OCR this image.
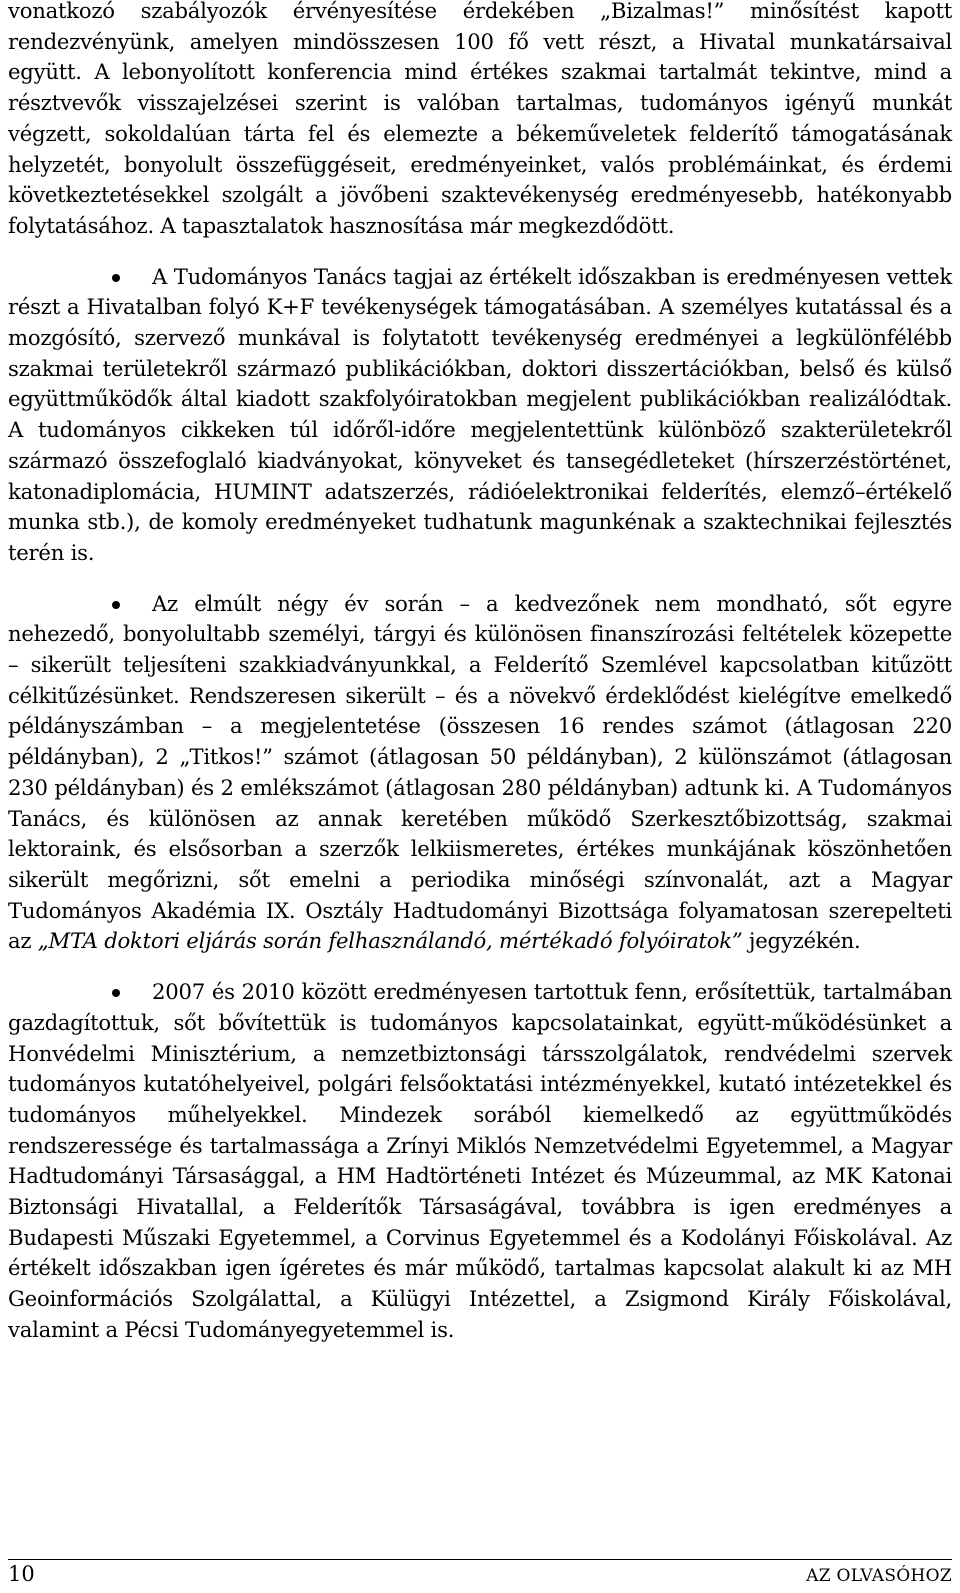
vonatkozó szabályozók érvényesítése érdekében „Bizalmas!” minősítést kapott rendezvényünk, amelyen mindösszesen 100 fő vett részt, a Hivatal munkatársaival együtt. A lebonyolított konferencia mind értékes szakmai tartalmát tekintve, mind a résztvevők visszajelzései szerint is valóban tartalmas, tudományos igényű munkát végzett, sokoldalúan tárta fel és elemezte a békeműveletek felderítő támogatásának helyzetét, bonyolult összefüggéseit, eredményeinket, valós problémáinkat, és érdemi következtetésekkel szolgált a jövőbeni szaktevékenység eredményesebb, hatékonyabb folytatásához. A tapasztalatok hasznosítása már megkezdődött.

A Tudományos Tanács tagjai az értékelt időszakban is eredményesen vettek részt a Hivatalban folyó K+F tevékenységek támogatásában. A személyes kutatással és a mozgósító, szervező munkával is folytatott tevékenység eredményei a legkülönfélébb szakmai területekről származó publikációkban, doktori disszertációkban, belső és külső együttműködők által kiadott szakfolyóiratokban megjelent publikációkban realizálódtak. A tudományos cikkeken túl időről-időre megjelentettünk különböző szakterületekről származó összefoglaló kiadványokat, könyveket és tansegédleteket (hírszerzéstörténet, katonadiplomácia, HUMINT adatszerzés, rádióelektronikai felderítés, elemző–értékelő munka stb.), de komoly eredményeket tudhatunk magunkénak a szaktechnikai fejlesztés terén is.

Az elmúlt négy év során – a kedvezőnek nem mondható, sőt egyre nehezedő, bonyolultabb személyi, tárgyi és különösen finanszírozási feltételek közepette – sikerült teljesíteni szakkiadványunkkal, a Felderítő Szemlével kapcsolatban kitűzött célkitűzésünket. Rendszeresen sikerült – és a növekvő érdeklődést kielégítve emelkedő példányszámban – a megjelentetése (összesen 16 rendes számot (átlagosan 220 példányban), 2 „Titkos!” számot (átlagosan 50 példányban), 2 különszámot (átlagosan 230 példányban) és 2 emlékszámot (átlagosan 280 példányban) adtunk ki. A Tudományos Tanács, és különösen az annak keretében működő Szerkesztőbizottság, szakmai lektoraink, és elsősorban a szerzők lelkiismeretes, értékes munkájának köszönhetően sikerült megőrizni, sőt emelni a periodika minőségi színvonalát, azt a Magyar Tudományos Akadémia IX. Osztály Hadtudományi Bizottsága folyamatosan szerepelteti az „MTA doktori eljárás során felhasználandó, mértékadó folyóiratok” jegyzékén.

2007 és 2010 között eredményesen tartottuk fenn, erősítettük, tartalmában gazdagítottuk, sőt bővítettük is tudományos kapcsolatainkat, együtt-működésünket a Honvédelmi Minisztérium, a nemzetbiztonsági társszolgálatok, rendvédelmi szervek tudományos kutatóhelyeivel, polgári felsőoktatási intézményekkel, kutató intézetekkel és tudományos műhelyekkel. Mindezek sorából kiemelkedő az együttműködés rendszeressége és tartalmassága a Zrínyi Miklós Nemzetvédelmi Egyetemmel, a Magyar Hadtudományi Társasággal, a HM Hadtörténeti Intézet és Múzeummal, az MK Katonai Biztonsági Hivatallal, a Felderítők Társaságával, továbbra is igen eredményes a Budapesti Műszaki Egyetemmel, a Corvinus Egyetemmel és a Kodolányi Főiskolával. Az értékelt időszakban igen ígéretes és már működő, tartalmas kapcsolat alakult ki az MH Geoinformációs Szolgálattal, a Külügyi Intézettel, a Zsigmond Király Főiskolával, valamint a Pécsi Tudományegyetemmel is.

10	AZ OLVASÓHOZ
